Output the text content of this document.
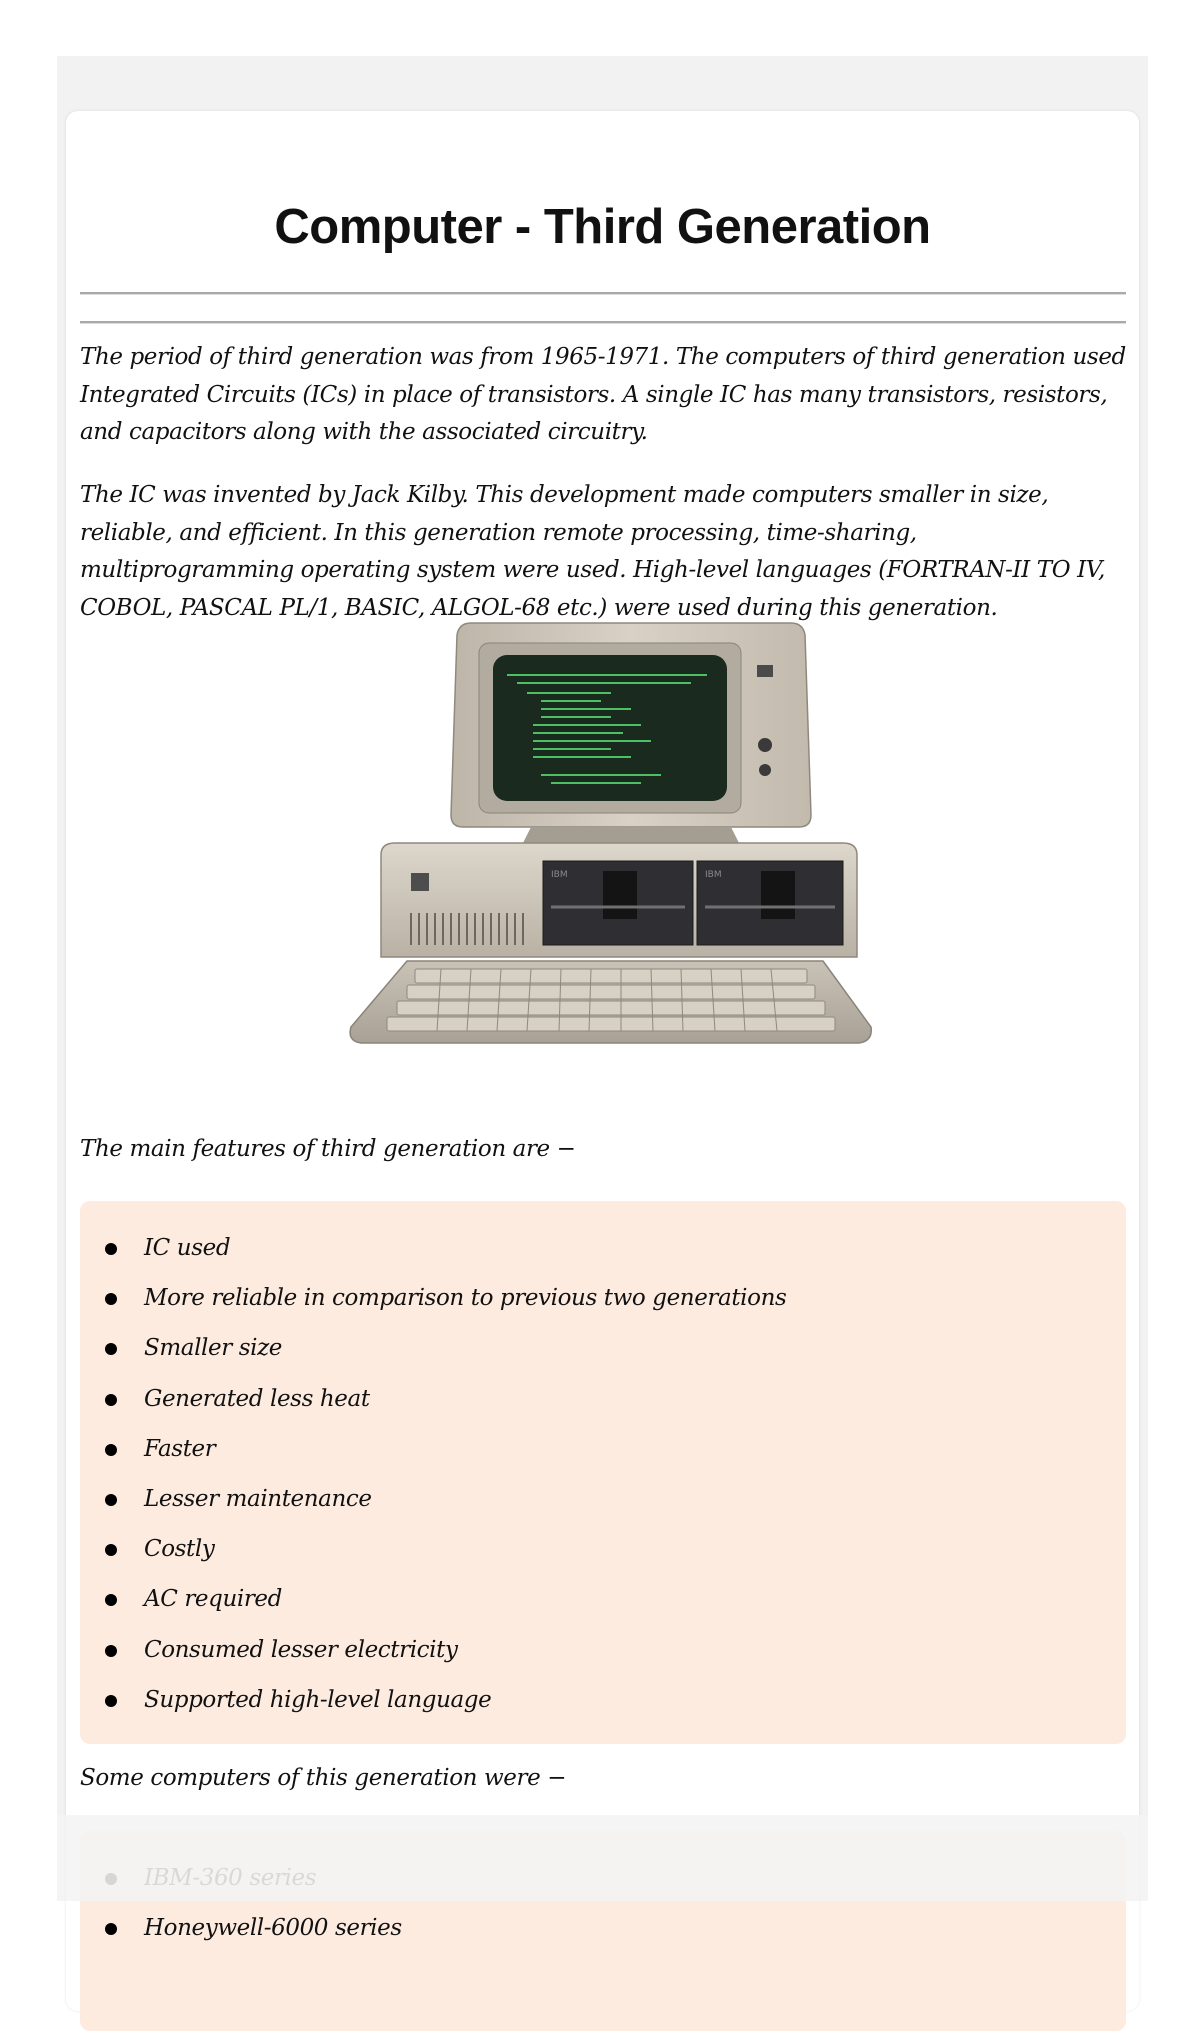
Computer - Third Generation

The period of third generation was from 1965-1971. The computers of third generation used Integrated Circuits (ICs) in place of transistors. A single IC has many transistors, resistors, and capacitors along with the associated circuitry.

The IC was invented by Jack Kilby. This development made computers smaller in size, reliable, and efficient. In this generation remote processing, time-sharing, multiprogramming operating system were used. High-level languages (FORTRAN-II TO IV, COBOL, PASCAL PL/1, BASIC, ALGOL-68 etc.) were used during this generation.

IBM	IBM

The main features of third generation are −

IC used
More reliable in comparison to previous two generations
Smaller size
Generated less heat
Faster
Lesser maintenance
Costly
AC required
Consumed lesser electricity
Supported high-level language

Some computers of this generation were −

Honeywell-6000 series
